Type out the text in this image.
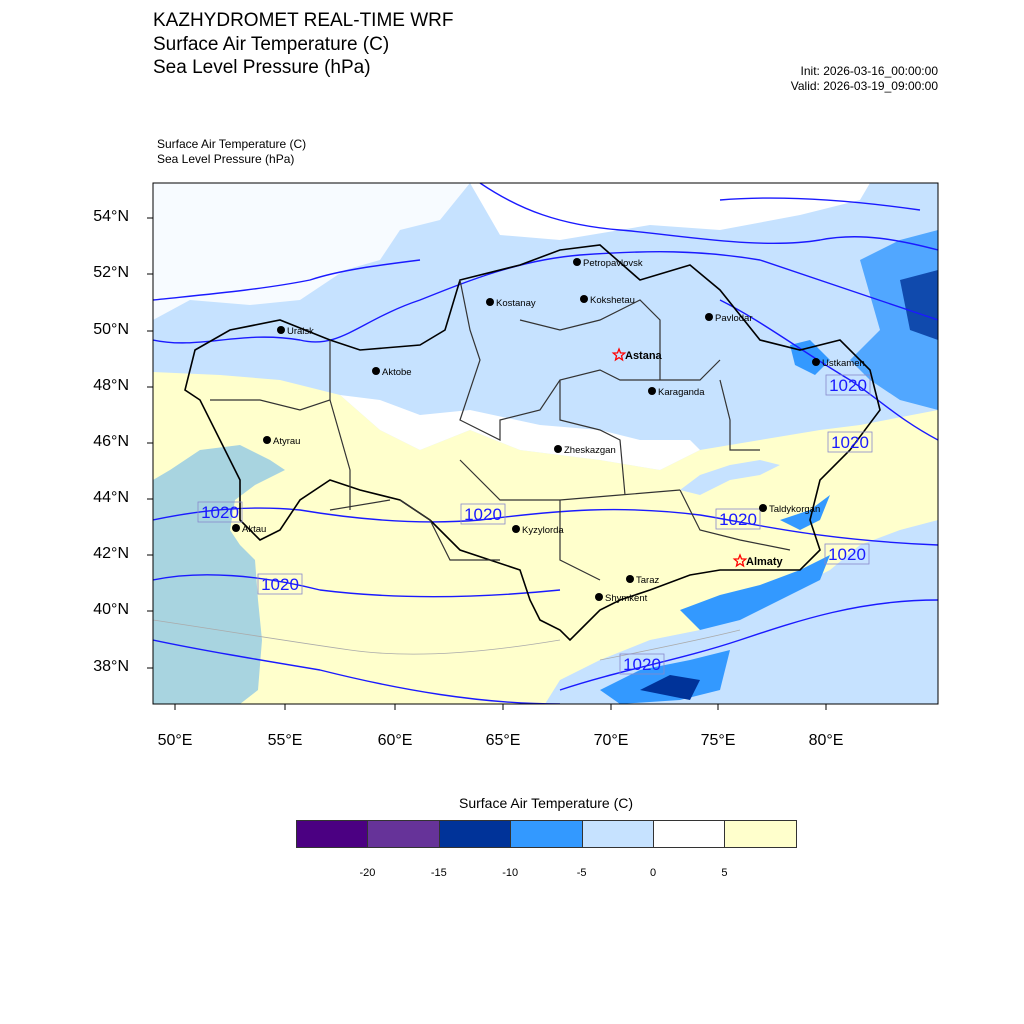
KAZHYDROMET REAL-TIME WRF
Surface Air Temperature (C)
Sea Level Pressure (hPa)	Init: 2026-03-16_00:00:00
Valid: 2026-03-19_09:00:00
Surface Air Temperature (C)
Sea Level Pressure (hPa)
1020	1020
1020
1020
1020
1020
1020
1020
Petropavlovsk
Kostanay	Kokshetau
Pavlodar
Uralsk
Astana
Ustkamen
Aktobe
Karaganda
Atyrau
Zheskazgan
Aktau	Kyzylorda
Taldykorgan
Almaty
Taraz
Shymkent
54°N
52°N
50°N
48°N
46°N
44°N
42°N
40°N
38°N
50°E	55°E	60°E	65°E	70°E	75°E	80°E
Surface Air Temperature (C)
-20	-15	-10	-5	0	5
